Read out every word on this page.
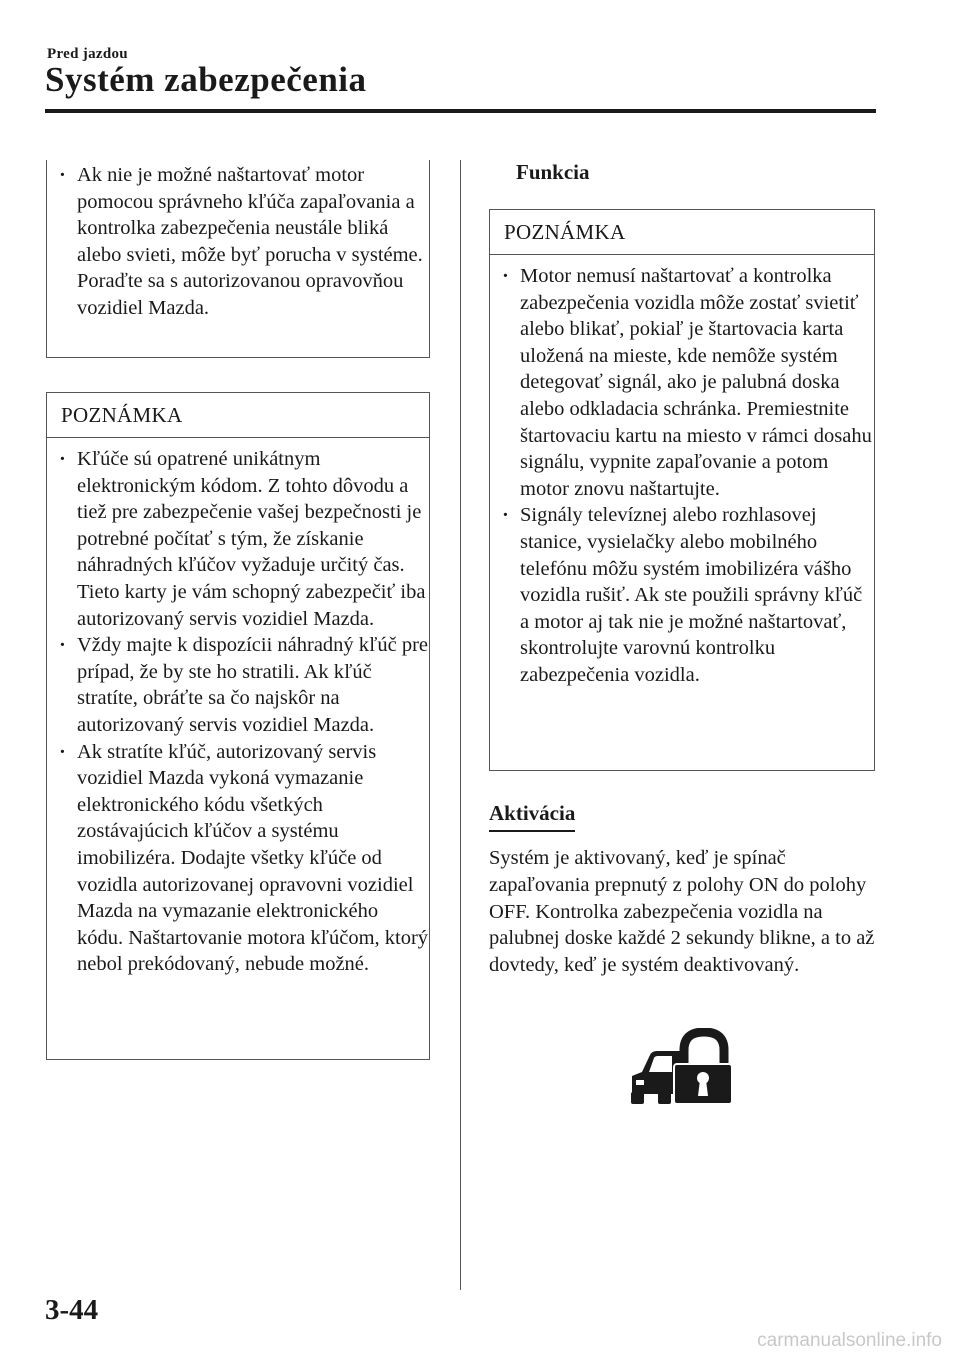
Pred jazdou
Systém zabezpečenia
· Ak nie je možné naštartovať motor pomocou správneho kľúča zapaľovania a kontrolka zabezpečenia neustále bliká alebo svieti, môže byť porucha v systéme. Poraďte sa s autorizovanou opravovňou vozidiel Mazda.
POZNÁMKA
· Kľúče sú opatrené unikátnym elektronickým kódom. Z tohto dôvodu a tiež pre zabezpečenie vašej bezpečnosti je potrebné počítať s tým, že získanie náhradných kľúčov vyžaduje určitý čas. Tieto karty je vám schopný zabezpečiť iba autorizovaný servis vozidiel Mazda.
· Vždy majte k dispozícii náhradný kľúč pre prípad, že by ste ho stratili. Ak kľúč stratíte, obráťte sa čo najskôr na autorizovaný servis vozidiel Mazda.
· Ak stratíte kľúč, autorizovaný servis vozidiel Mazda vykoná vymazanie elektronického kódu všetkých zostávajúcich kľúčov a systému imobilizéra. Dodajte všetky kľúče od vozidla autorizovanej opravovni vozidiel Mazda na vymazanie elektronického kódu. Naštartovanie motora kľúčom, ktorý nebol prekódovaný, nebude možné.
Funkcia
POZNÁMKA
· Motor nemusí naštartovať a kontrolka zabezpečenia vozidla môže zostať svietiť alebo blikať, pokiaľ je štartovacia karta uložená na mieste, kde nemôže systém detegovať signál, ako je palubná doska alebo odkladacia schránka. Premiestnite štartovaciu kartu na miesto v rámci dosahu signálu, vypnite zapaľovanie a potom motor znovu naštartujte.
· Signály televíznej alebo rozhlasovej stanice, vysielačky alebo mobilného telefónu môžu systém imobilizéra vášho vozidla rušiť. Ak ste použili správny kľúč a motor aj tak nie je možné naštartovať, skontrolujte varovnú kontrolku zabezpečenia vozidla.
Aktivácia

Systém je aktivovaný, keď je spínač zapaľovania prepnutý z polohy ON do polohy OFF. Kontrolka zabezpečenia vozidla na palubnej doske každé 2 sekundy blikne, a to až dovtedy, keď je systém deaktivovaný.

3-44
carmanualsonline.info
